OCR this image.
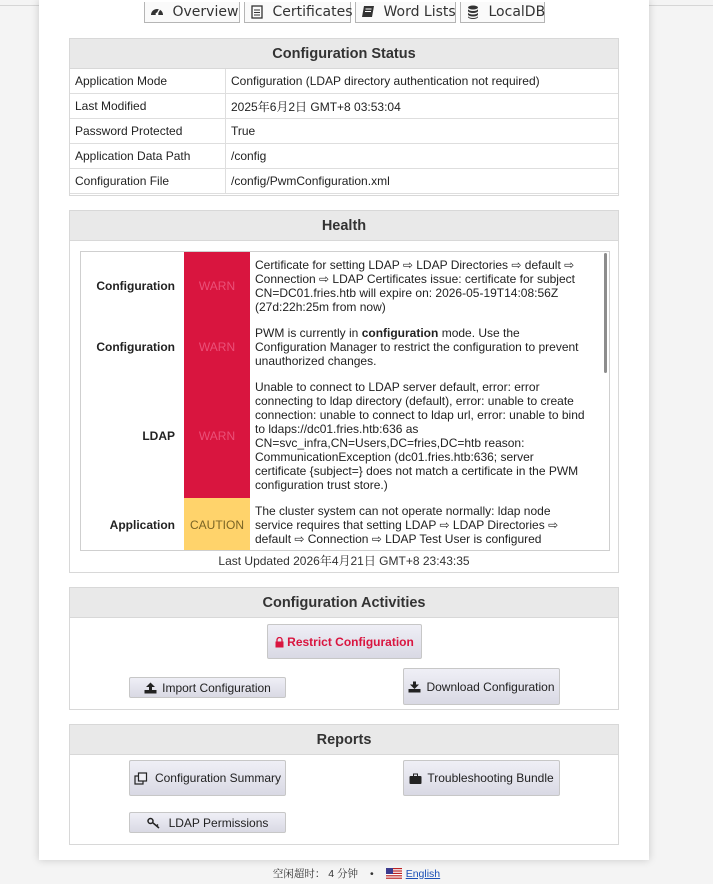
Overview Certificates Word Lists LocalDB
Configuration Status
Application Mode	Configuration (LDAP directory authentication not required)
Last Modified	2025年6月2日 GMT+8 03:53:04
Password Protected	True
Application Data Path	/config
Configuration File	/config/PwmConfiguration.xml
Health
Configuration	WARN	Certificate for setting LDAP ⇨ LDAP Directories ⇨ default ⇨ Connection ⇨ LDAP Certificates issue: certificate for subject CN=DC01.fries.htb will expire on: 2026-05-19T14:08:56Z (27d:22h:25m from now)
Configuration	WARN	PWM is currently in configuration mode. Use the Configuration Manager to restrict the configuration to prevent unauthorized changes.
LDAP	WARN	Unable to connect to LDAP server default, error: error connecting to ldap directory (default), error: unable to create connection: unable to connect to ldap url, error: unable to bind to ldaps://dc01.fries.htb:636 as CN=svc_infra,CN=Users,DC=fries,DC=htb reason: CommunicationException (dc01.fries.htb:636; server certificate {subject=} does not match a certificate in the PWM configuration trust store.)
Application	CAUTION	The cluster system can not operate normally: ldap node service requires that setting LDAP ⇨ LDAP Directories ⇨ default ⇨ Connection ⇨ LDAP Test User is configured

Last Updated 2026年4月21日 GMT+8 23:43:35
Configuration Activities
Restrict Configuration
Import Configuration	Download Configuration
Reports
Configuration Summary	Troubleshooting Bundle
LDAP Permissions
空闲超时： 4 分钟 •	English
